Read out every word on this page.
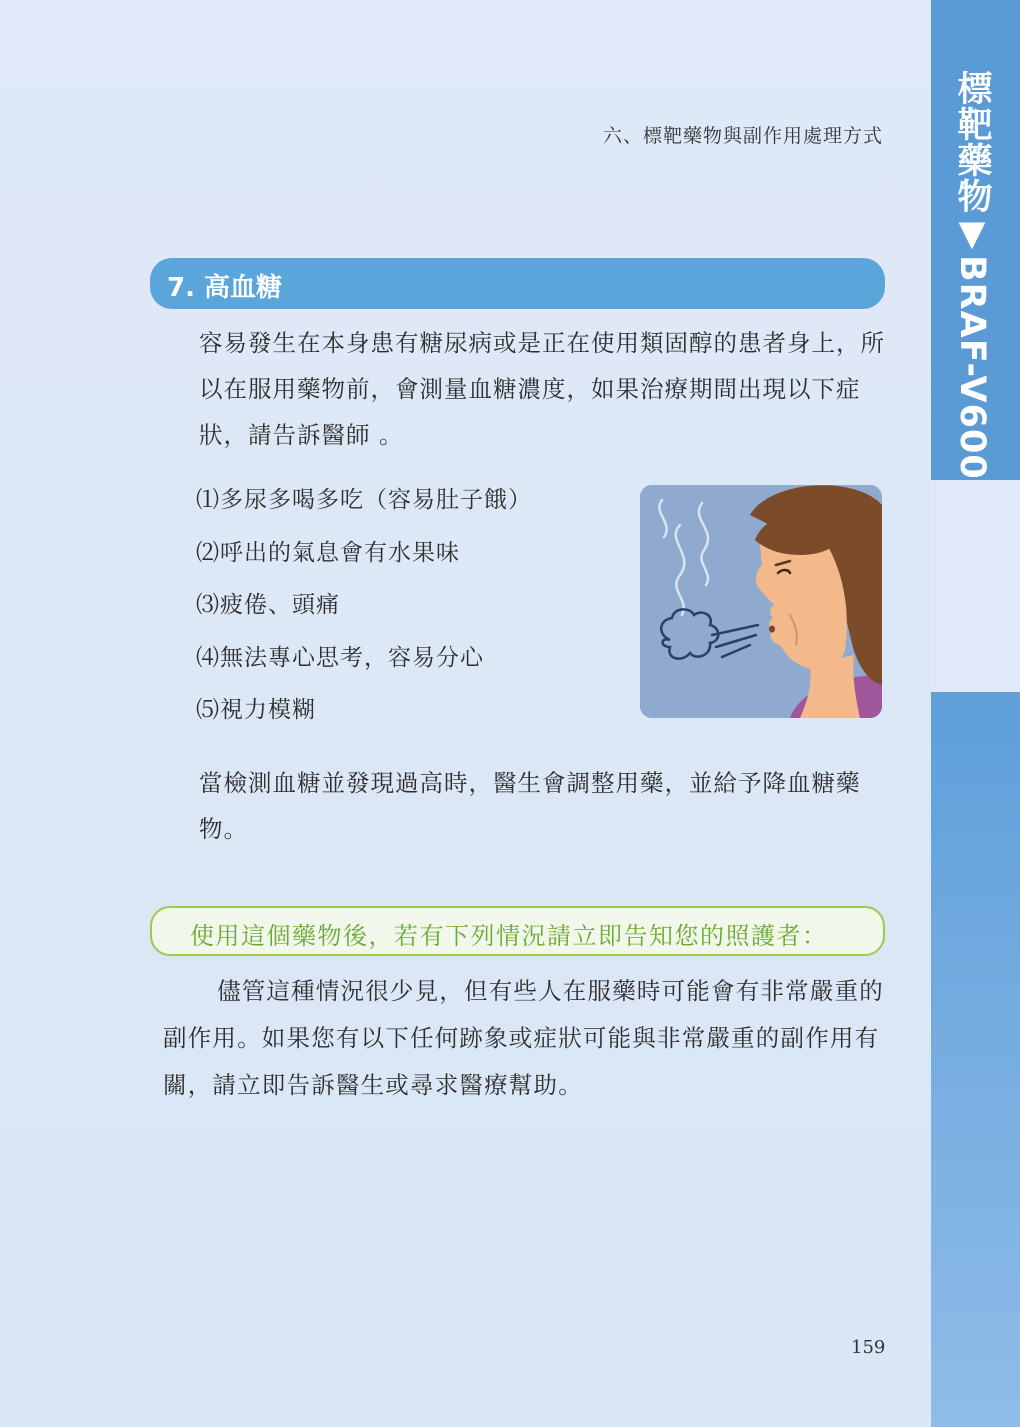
六、標靶藥物與副作用處理方式 標靶藥物▼BRAF-V600
7. 高血糖

容易發生在本身患有糖尿病或是正在使用類固醇的患者身上，所以在服用藥物前，會測量血糖濃度，如果治療期間出現以下症狀，請告訴醫師 。

⑴多尿多喝多吃（容易肚子餓）
⑵呼出的氣息會有水果味
⑶疲倦、頭痛
⑷無法專心思考，容易分心
⑸視力模糊

當檢測血糖並發現過高時，醫生會調整用藥，並給予降血糖藥物。

使用這個藥物後，若有下列情況請立即告知您的照護者：

儘管這種情況很少見，但有些人在服藥時可能會有非常嚴重的副作用。如果您有以下任何跡象或症狀可能與非常嚴重的副作用有關，請立即告訴醫生或尋求醫療幫助。

159
